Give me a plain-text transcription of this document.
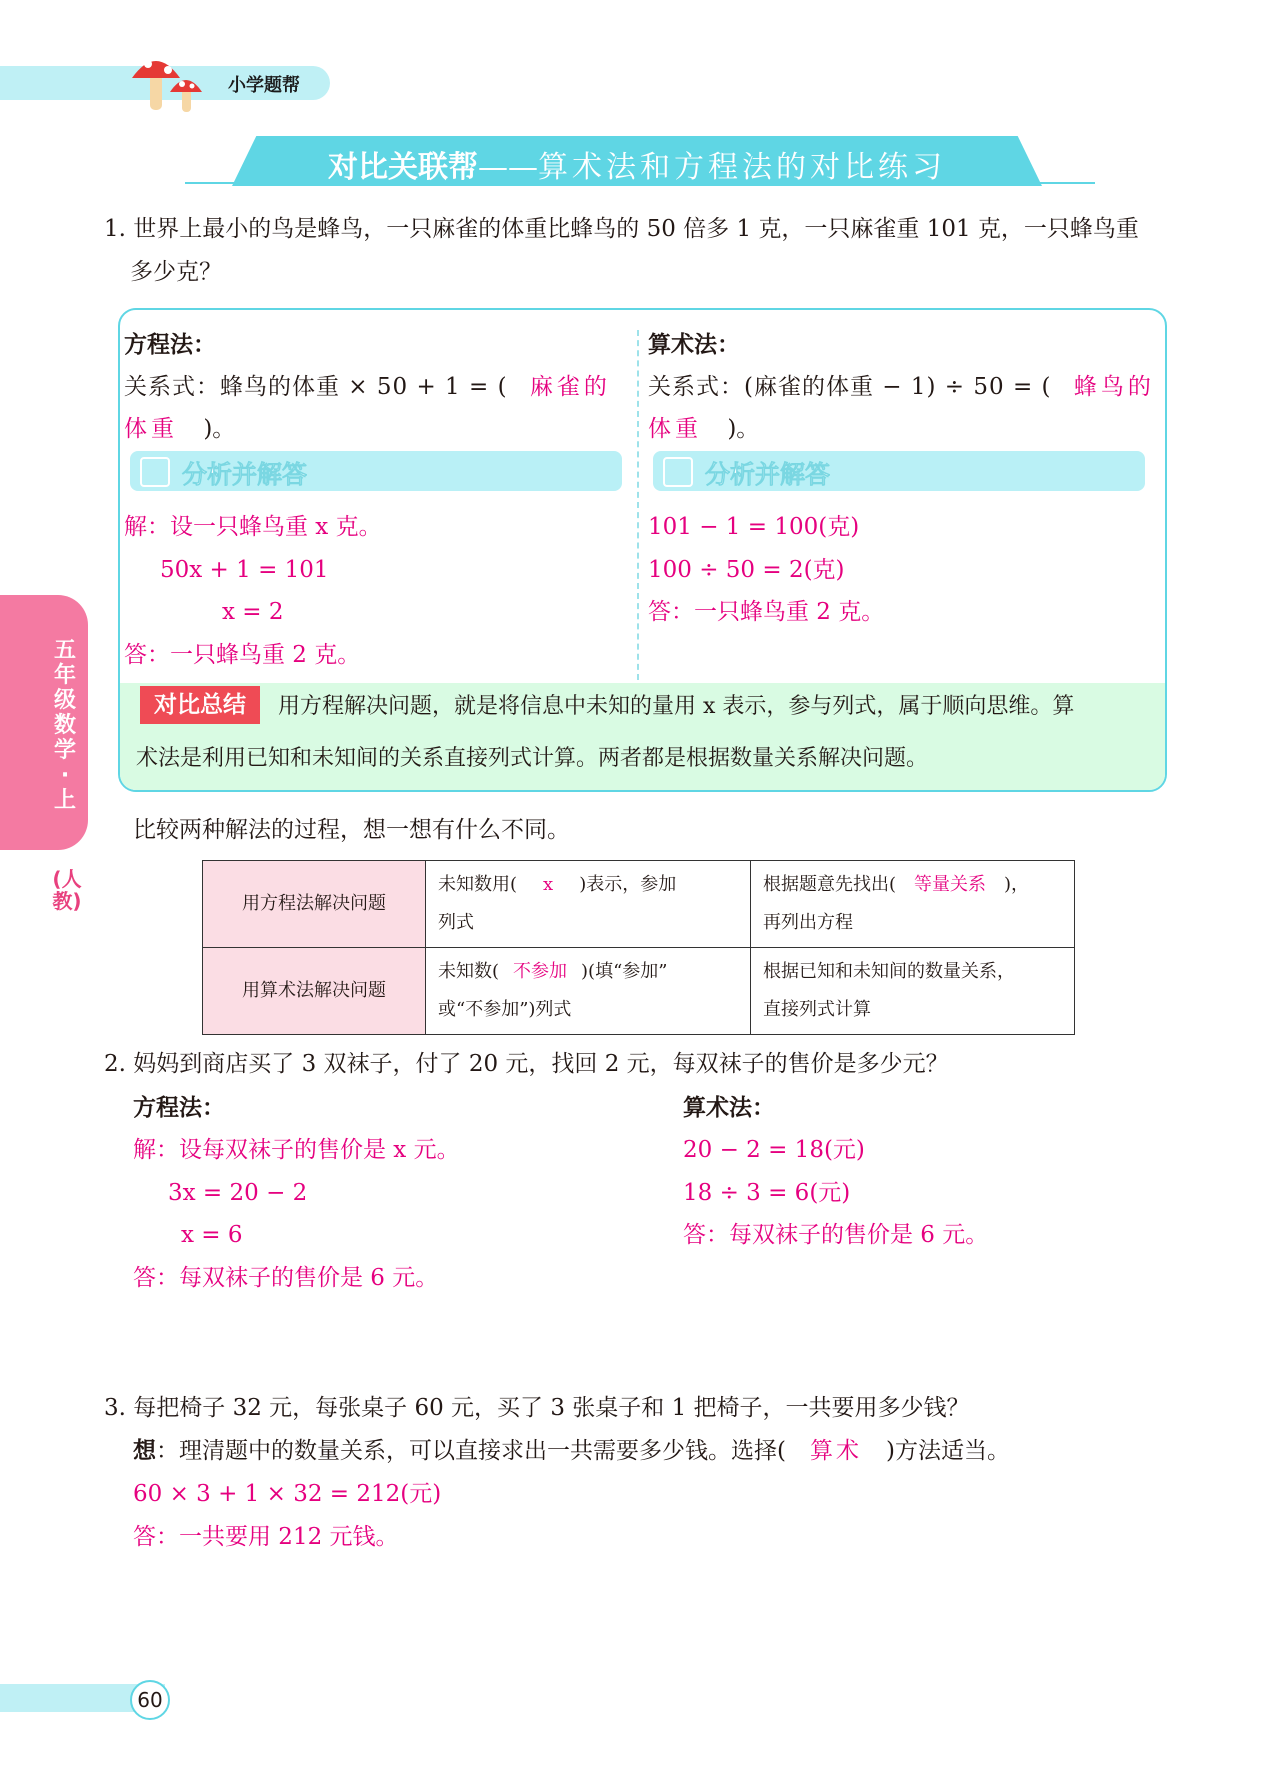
小学题帮
对比关联帮——算术法和方程法的对比练习
五年级数学·上
(人教)
1. 世界上最小的鸟是蜂鸟，一只麻雀的体重比蜂鸟的 50 倍多 1 克，一只麻雀重 101 克，一只蜂鸟重
多少克？
方程法：
关系式：蜂鸟的体重 × 50 + 1 = ( 麻雀的
体重 )。
分析并解答
解：设一只蜂鸟重 x 克。
50x + 1 = 101
x = 2
答：一只蜂鸟重 2 克。
算术法：
关系式：(麻雀的体重 − 1) ÷ 50 = ( 蜂鸟的
体重 )。
分析并解答
101 − 1 = 100(克)
100 ÷ 50 = 2(克)
答：一只蜂鸟重 2 克。
对比总结	用方程解决问题，就是将信息中未知的量用 x 表示，参与列式，属于顺向思维。算
术法是利用已知和未知间的关系直接列式计算。两者都是根据数量关系解决问题。
比较两种解法的过程，想一想有什么不同。
用方程法解决问题	未知数用( x )表示，参加
列式	根据题意先找出( 等量关系 )，
再列出方程
用算术法解决问题	未知数( 不参加 )(填“参加”
或“不参加”)列式	根据已知和未知间的数量关系，
直接列式计算
2. 妈妈到商店买了 3 双袜子，付了 20 元，找回 2 元，每双袜子的售价是多少元？
方程法：
解：设每双袜子的售价是 x 元。
3x = 20 − 2
x = 6
答：每双袜子的售价是 6 元。
算术法：
20 − 2 = 18(元)
18 ÷ 3 = 6(元)
答：每双袜子的售价是 6 元。
3. 每把椅子 32 元，每张桌子 60 元，买了 3 张桌子和 1 把椅子，一共要用多少钱？
想：理清题中的数量关系，可以直接求出一共需要多少钱。选择( 算术 )方法适当。
60 × 3 + 1 × 32 = 212(元)
答：一共要用 212 元钱。
60
